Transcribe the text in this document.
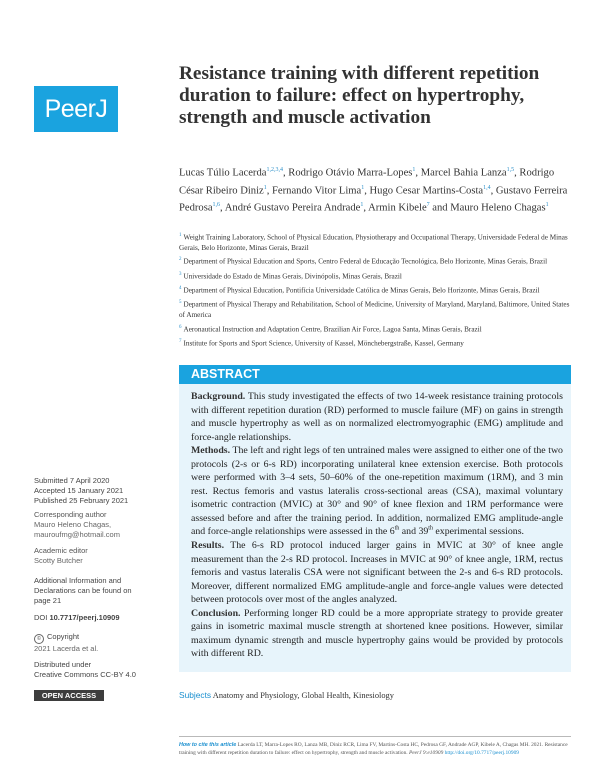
PeerJ
Resistance training with different repetition duration to failure: effect on hypertrophy, strength and muscle activation
Lucas Túlio Lacerda$^{1,2,3,4}$, Rodrigo Otávio Marra-Lopes$^1$, Marcel Bahia Lanza$^{1,5}$, Rodrigo César Ribeiro Diniz$^1$, Fernando Vitor Lima$^1$, Hugo Cesar Martins-Costa$^{1,4}$, Gustavo Ferreira Pedrosa$^{1,6}$, André Gustavo Pereira Andrade$^1$, Armin Kibele$^7$ and Mauro Heleno Chagas$^1$
$^1$ Weight Training Laboratory, School of Physical Education, Physiotherapy and Occupational Therapy, Universidade Federal de Minas Gerais, Belo Horizonte, Minas Gerais, Brazil
$^2$ Department of Physical Education and Sports, Centro Federal de Educação Tecnológica, Belo Horizonte, Minas Gerais, Brazil
$^3$ Universidade do Estado de Minas Gerais, Divinópolis, Minas Gerais, Brazil
$^4$ Department of Physical Education, Pontifícia Universidade Católica de Minas Gerais, Belo Horizonte, Minas Gerais, Brazil
$^5$ Department of Physical Therapy and Rehabilitation, School of Medicine, University of Maryland, Maryland, Baltimore, United States of America
$^6$ Aeronautical Instruction and Adaptation Centre, Brazilian Air Force, Lagoa Santa, Minas Gerais, Brazil
$^7$ Institute for Sports and Sport Science, University of Kassel, Mönchebergstraße, Kassel, Germany
ABSTRACT

Background. This study investigated the effects of two 14-week resistance training protocols with different repetition duration (RD) performed to muscle failure (MF) on gains in strength and muscle hypertrophy as well as on normalized electromyographic (EMG) amplitude and force-angle relationships.

Methods. The left and right legs of ten untrained males were assigned to either one of the two protocols (2-s or 6-s RD) incorporating unilateral knee extension exercise. Both protocols were performed with 3–4 sets, 50–60% of the one-repetition maximum (1RM), and 3 min rest. Rectus femoris and vastus lateralis cross-sectional areas (CSA), maximal voluntary isometric contraction (MVIC) at 30° and 90° of knee flexion and 1RM performance were assessed before and after the training period. In addition, normalized EMG amplitude-angle and force-angle relationships were assessed in the 6th and 39th experimental sessions.

Results. The 6-s RD protocol induced larger gains in MVIC at 30° of knee angle measurement than the 2-s RD protocol. Increases in MVIC at 90° of knee angle, 1RM, rectus femoris and vastus lateralis CSA were not significant between the 2-s and 6-s RD protocols. Moreover, different normalized EMG amplitude-angle and force-angle values were detected between protocols over most of the angles analyzed.

Conclusion. Performing longer RD could be a more appropriate strategy to provide greater gains in isometric maximal muscle strength at shortened knee positions. However, similar maximum dynamic strength and muscle hypertrophy gains would be provided by protocols with different RD.

Subjects Anatomy and Physiology, Global Health, Kinesiology
How to cite this article Lacerda LT, Marra-Lopes RO, Lanza MB, Diniz RCR, Lima FV, Martins-Costa HC, Pedrosa GF, Andrade AGP, Kibele A, Chagas MH. 2021. Resistance training with different repetition duration to failure: effect on hypertrophy, strength and muscle activation. PeerJ 9:e10909 http://doi.org/10.7717/peerj.10909
Submitted 7 April 2020
Accepted 15 January 2021
Published 25 February 2021
Corresponding author
Mauro Heleno Chagas,
mauroufmg@hotmail.com
Academic editor
Scotty Butcher
Additional Information and
Declarations can be found on
page 21
DOI 10.7717/peerj.10909
© Copyright
2021 Lacerda et al.
Distributed under
Creative Commons CC-BY 4.0
OPEN ACCESS
